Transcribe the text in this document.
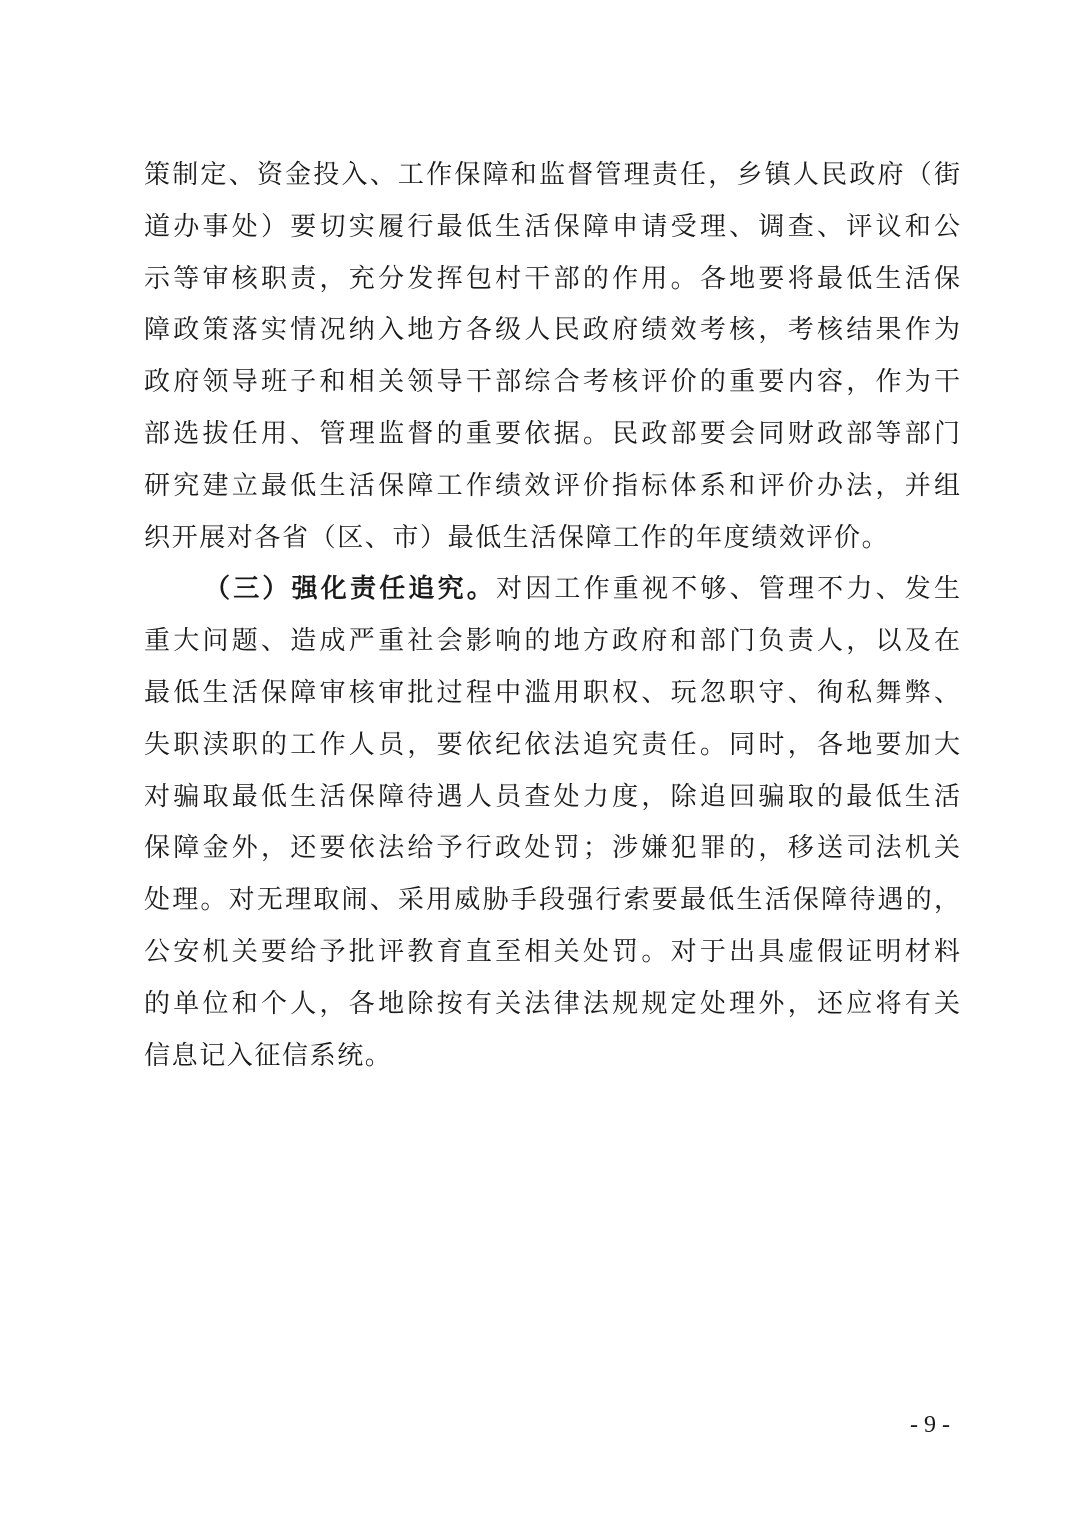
策制定、资金投入、工作保障和监督管理责任，乡镇人民政府（街
道办事处）要切实履行最低生活保障申请受理、调查、评议和公
示等审核职责，充分发挥包村干部的作用。各地要将最低生活保
障政策落实情况纳入地方各级人民政府绩效考核，考核结果作为
政府领导班子和相关领导干部综合考核评价的重要内容，作为干
部选拔任用、管理监督的重要依据。民政部要会同财政部等部门
研究建立最低生活保障工作绩效评价指标体系和评价办法，并组
织开展对各省（区、市）最低生活保障工作的年度绩效评价。
（三）强化责任追究。对因工作重视不够、管理不力、发生
重大问题、造成严重社会影响的地方政府和部门负责人，以及在
最低生活保障审核审批过程中滥用职权、玩忽职守、徇私舞弊、
失职渎职的工作人员，要依纪依法追究责任。同时，各地要加大
对骗取最低生活保障待遇人员查处力度，除追回骗取的最低生活
保障金外，还要依法给予行政处罚；涉嫌犯罪的，移送司法机关
处理。对无理取闹、采用威胁手段强行索要最低生活保障待遇的，
公安机关要给予批评教育直至相关处罚。对于出具虚假证明材料
的单位和个人，各地除按有关法律法规规定处理外，还应将有关
信息记入征信系统。
- 9 -
